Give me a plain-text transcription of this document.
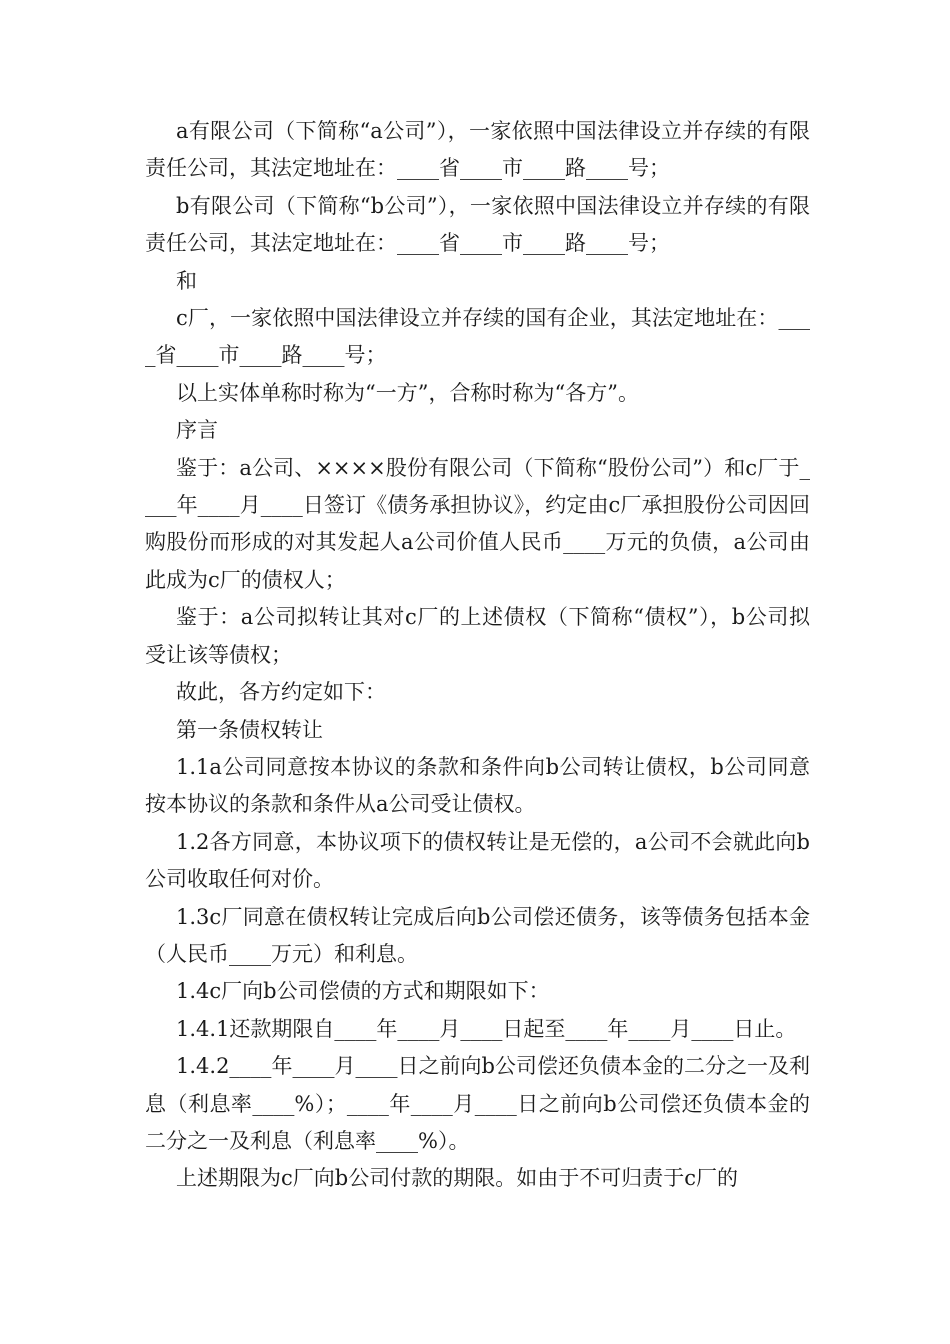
a有限公司（下简称“a公司”），一家依照中国法律设立并存续的有限责任公司，其法定地址在：____省____市____路____号；

b有限公司（下简称“b公司”），一家依照中国法律设立并存续的有限责任公司，其法定地址在：____省____市____路____号；

和

c厂，一家依照中国法律设立并存续的国有企业，其法定地址在：____省____市____路____号；

以上实体单称时称为“一方”，合称时称为“各方”。

序言

鉴于：a公司、××××股份有限公司（下简称“股份公司”）和c厂于____年____月____日签订《债务承担协议》，约定由c厂承担股份公司因回购股份而形成的对其发起人a公司价值人民币____万元的负债，a公司由此成为c厂的债权人；

鉴于：a公司拟转让其对c厂的上述债权（下简称“债权”），b公司拟受让该等债权；

故此，各方约定如下：

第一条债权转让

1.1a公司同意按本协议的条款和条件向b公司转让债权，b公司同意按本协议的条款和条件从a公司受让债权。

1.2各方同意，本协议项下的债权转让是无偿的，a公司不会就此向b公司收取任何对价。

1.3c厂同意在债权转让完成后向b公司偿还债务，该等债务包括本金（人民币____万元）和利息。

1.4c厂向b公司偿债的方式和期限如下：

1.4.1还款期限自____年____月____日起至____年____月____日止。

1.4.2____年____月____日之前向b公司偿还负债本金的二分之一及利息（利息率____%）；____年____月____日之前向b公司偿还负债本金的二分之一及利息（利息率____%）。

上述期限为c厂向b公司付款的期限。如由于不可归责于c厂的
